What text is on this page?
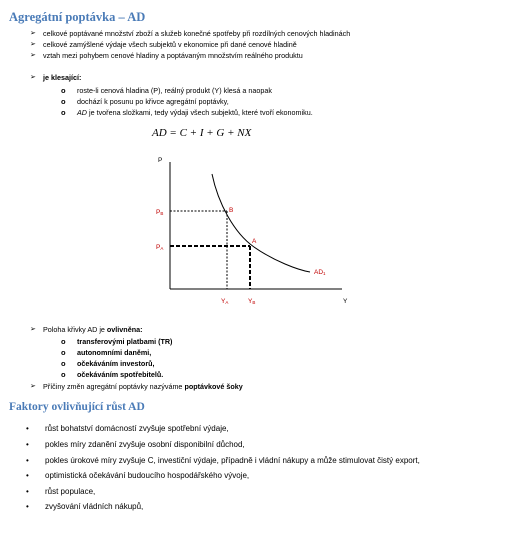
Agregátní poptávka – AD
➢ celkové poptávané množství zboží a služeb konečné spotřeby při rozdílných cenových hladinách
➢ celkové zamýšlené výdaje všech subjektů v ekonomice při dané cenové hladině
➢ vztah mezi pohybem cenové hladiny a poptávaným množstvím reálného produktu
➢ je klesající:
o roste-li cenová hladina (P), reálný produkt (Y) klesá a naopak
o dochází k posunu po křivce agregátní poptávky,
o AD je tvořena složkami, tedy výdaji všech subjektů, které tvoří ekonomiku.
AD = C + I + G + NX
P
Y
B
A
PB
PA
YA	YB
AD1
➢ Poloha křivky AD je ovlivněna:
o transferovými platbami (TR)
o autonomními daněmi,
o očekáváním investorů,
o očekáváním spotřebitelů.
➢ Příčiny změn agregátní poptávky nazýváme poptávkové šoky
Faktory ovlivňující růst AD
• růst bohatství domácností zvyšuje spotřební výdaje,
• pokles míry zdanění zvyšuje osobní disponibilní důchod,
• pokles úrokové míry zvyšuje C, investiční výdaje, případně i vládní nákupy a může stimulovat čistý export,
• optimistická očekávání budoucího hospodářského vývoje,
• růst populace,
• zvyšování vládních nákupů,
